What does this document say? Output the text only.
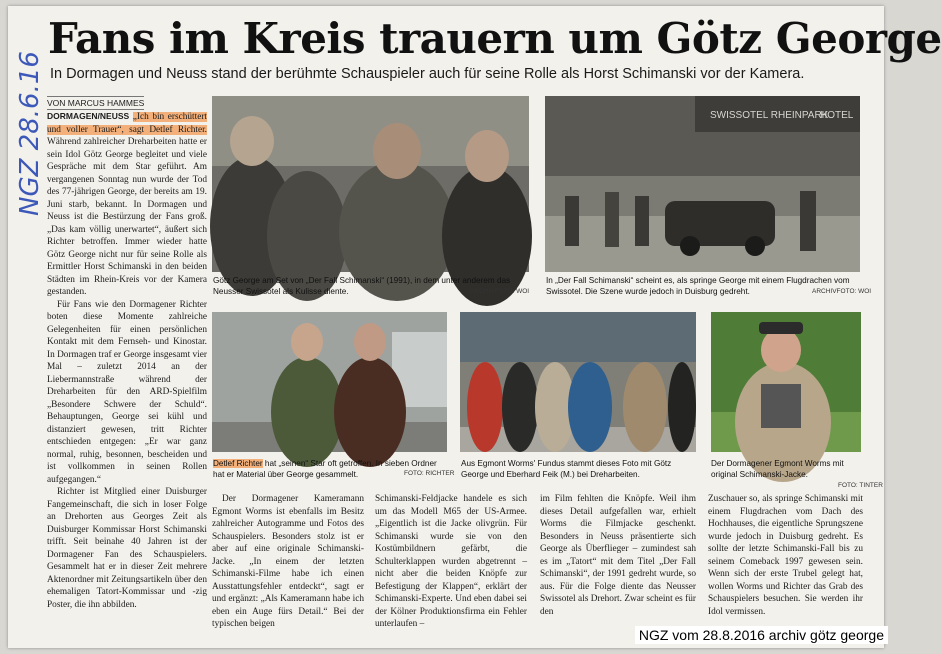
NGZ 28.6.16
Fans im Kreis trauern um Götz George
In Dormagen und Neuss stand der berühmte Schauspieler auch für seine Rolle als Horst Schimanski vor der Kamera.
VON MARCUS HAMMES

DORMAGEN/NEUSS „Ich bin erschüttert und voller Trauer“, sagt Detlef Richter. Während zahlreicher Dreharbeiten hatte er sein Idol Götz George begleitet und viele Gespräche mit dem Star geführt. Am vergangenen Sonntag nun wurde der Tod des 77-jährigen George, der bereits am 19. Juni starb, bekannt. In Dormagen und Neuss ist die Bestürzung der Fans groß. „Das kam völlig unerwartet“, äußert sich Richter betroffen. Immer wieder hatte Götz George nicht nur für seine Rolle als Ermittler Horst Schimanski in den beiden Städten im Rhein-Kreis vor der Kamera gestanden.

Für Fans wie den Dormagener Richter boten diese Momente zahlreiche Gelegenheiten für einen persönlichen Kontakt mit dem Fernseh- und Kinostar. In Dormagen traf er George insgesamt vier Mal – zuletzt 2014 an der Liebermannstraße während der Dreharbeiten für den ARD-Spielfilm „Besondere Schwere der Schuld“. Behauptungen, George sei kühl und distanziert gewesen, tritt Richter entschieden entgegen: „Er war ganz normal, ruhig, besonnen, bescheiden und ist vollkommen in seinen Rollen aufgegangen.“

Richter ist Mitglied einer Duisburger Fangemeinschaft, die sich in loser Folge an Drehorten aus Georges Zeit als Duisburger Kommissar Horst Schimanski trifft. Seit beinahe 40 Jahren ist der Dormagener Fan des Schauspielers. Gesammelt hat er in dieser Zeit mehrere Aktenordner mit Zeitungsartikeln über den ehemaligen Tatort-Kommissar und -zig Poster, die ihn abbilden.

Götz George am Set von „Der Fall Schimanski“ (1991), in dem unter anderem das Neusser Swissotel als Kulisse diente.	ARCHIVFOTO: WOI
SWISSOTEL RHEINPARK
HOTEL
In „Der Fall Schimanski“ scheint es, als springe George mit einem Flugdrachen vom Swissotel. Die Szene wurde jedoch in Duisburg gedreht.	ARCHIVFOTO: WOI
Detlef Richter hat „seinen“ Star oft getroffen. In sieben Ordner hat er Material über George gesammelt.	FOTO: RICHTER
Aus Egmont Worms' Fundus stammt dieses Foto mit Götz George und Eberhard Feik (M.) bei Dreharbeiten.
Der Dormagener Egmont Worms mit original Schimanski-Jacke.
FOTO: TINTER

Der Dormagener Kameramann Egmont Worms ist ebenfalls im Besitz zahlreicher Autogramme und Fotos des Schauspielers. Besonders stolz ist er aber auf eine originale Schimanski-Jacke. „In einem der letzten Schimanski-Filme habe ich einen Ausstattungsfehler entdeckt“, sagt er und ergänzt: „Als Kameramann habe ich eben ein Auge fürs Detail.“ Bei der typischen beigen

Schimanski-Feldjacke handele es sich um das Modell M65 der US-Armee. „Eigentlich ist die Jacke olivgrün. Für Schimanski wurde sie von den Kostümbildnern gefärbt, die Schulterklappen wurden abgetrennt – nicht aber die beiden Knöpfe zur Befestigung der Klappen“, erklärt der Schimanski-Experte. Und eben dabei sei der Kölner Produktionsfirma ein Fehler unterlaufen –

im Film fehlten die Knöpfe. Weil ihm dieses Detail aufgefallen war, erhielt Worms die Filmjacke geschenkt. Besonders in Neuss präsentierte sich George als Überflieger – zumindest sah es im „Tatort“ mit dem Titel „Der Fall Schimanski“, der 1991 gedreht wurde, so aus. Für die Folge diente das Neusser Swissotel als Drehort. Zwar scheint es für den

Zuschauer so, als springe Schimanski mit einem Flugdrachen vom Dach des Hochhauses, die eigentliche Sprungszene wurde jedoch in Duisburg gedreht. Es sollte der letzte Schimanski-Fall bis zu seinem Comeback 1997 gewesen sein. Wenn sich der erste Trubel gelegt hat, wollen Worms und Richter das Grab des Schauspielers besuchen. Sie werden ihr Idol vermissen.

NGZ vom 28.8.2016 archiv götz george
